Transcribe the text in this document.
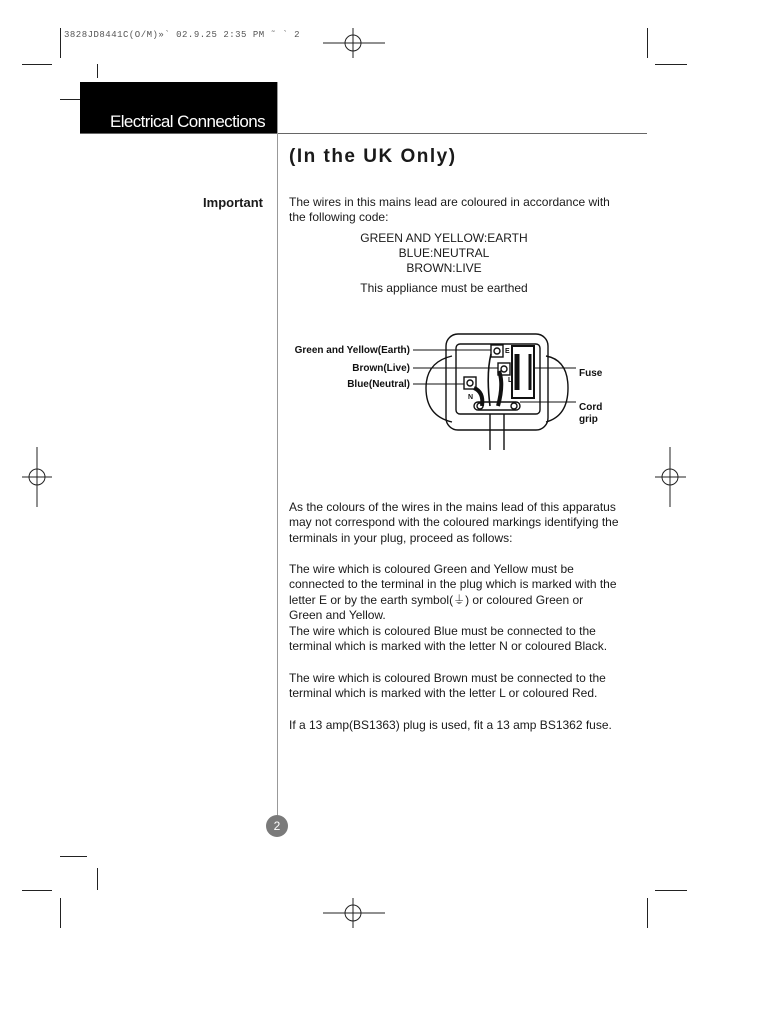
3828JD8441C(O/M)»` 02.9.25 2:35 PM ˜ ` 2
Electrical Connections
(In the UK Only)
Important The wires in this mains lead are coloured in accordance with the following code:
GREEN AND YELLOW:EARTH
BLUE:NEUTRAL
BROWN:LIVE
This appliance must be earthed
Green and Yellow(Earth)
Brown(Live)
Blue(Neutral)
Fuse
Cord
grip
E
L
N
As the colours of the wires in the mains lead of this apparatus may not correspond with the coloured markings identifying the terminals in your plug, proceed as follows:
The wire which is coloured Green and Yellow must be connected to the terminal in the plug which is marked with the letter E or by the earth symbol(⏚) or coloured Green or Green and Yellow.
The wire which is coloured Blue must be connected to the terminal which is marked with the letter N or coloured Black.
The wire which is coloured Brown must be connected to the terminal which is marked with the letter L or coloured Red.
If a 13 amp(BS1363) plug is used, fit a 13 amp BS1362 fuse.
2
